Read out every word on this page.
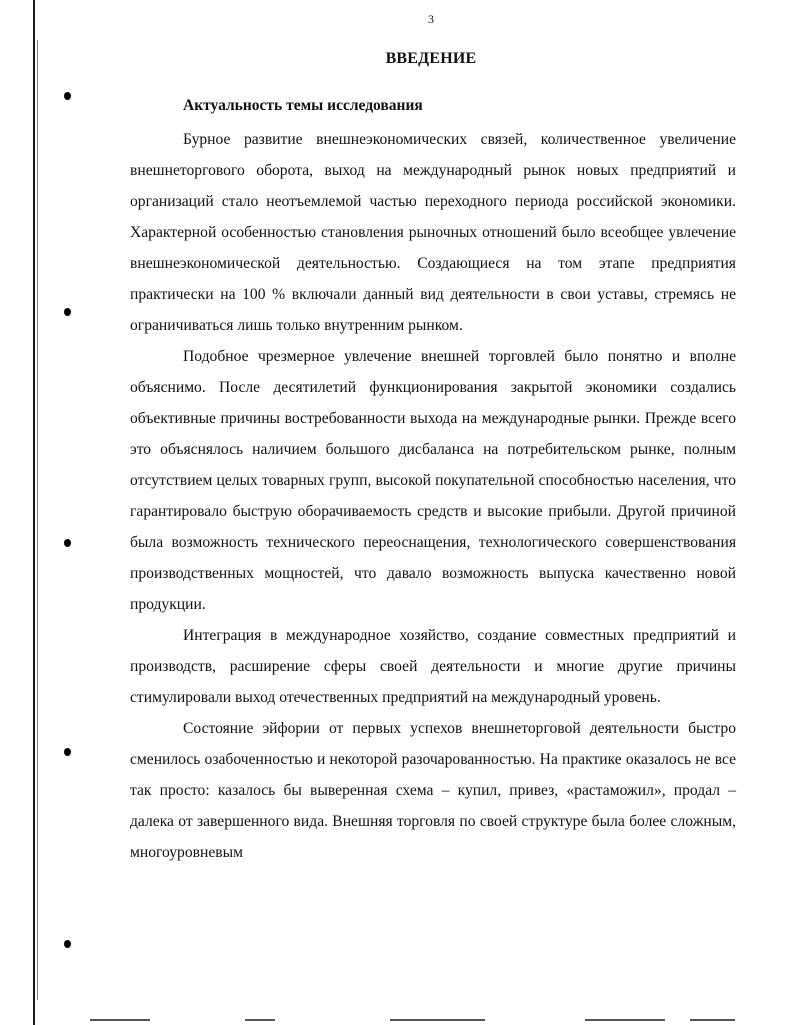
3
ВВЕДЕНИЕ
Актуальность темы исследования

Бурное развитие внешнеэкономических связей, количественное увеличение внешнеторгового оборота, выход на международный рынок новых предприятий и организаций стало неотъемлемой частью переходного периода российской экономики. Характерной особенностью становления рыночных отношений было всеобщее увлечение внешнеэкономической деятельностью. Создающиеся на том этапе предприятия практически на 100 % включали данный вид деятельности в свои уставы, стремясь не ограничиваться лишь только внутренним рынком.

Подобное чрезмерное увлечение внешней торговлей было понятно и вполне объяснимо. После десятилетий функционирования закрытой экономики создались объективные причины востребованности выхода на международные рынки. Прежде всего это объяснялось наличием большого дисбаланса на потребительском рынке, полным отсутствием целых товарных групп, высокой покупательной способностью населения, что гарантировало быструю оборачиваемость средств и высокие прибыли. Другой причиной была возможность технического переоснащения, технологического совершенствования производственных мощностей, что давало возможность выпуска качественно новой продукции.

Интеграция в международное хозяйство, создание совместных предприятий и производств, расширение сферы своей деятельности и многие другие причины стимулировали выход отечественных предприятий на международный уровень.

Состояние эйфории от первых успехов внешнеторговой деятельности быстро сменилось озабоченностью и некоторой разочарованностью. На практике оказалось не все так просто: казалось бы выверенная схема – купил, привез, «растаможил», продал – далека от завершенного вида. Внешняя торговля по своей структуре была более сложным, многоуровневым
